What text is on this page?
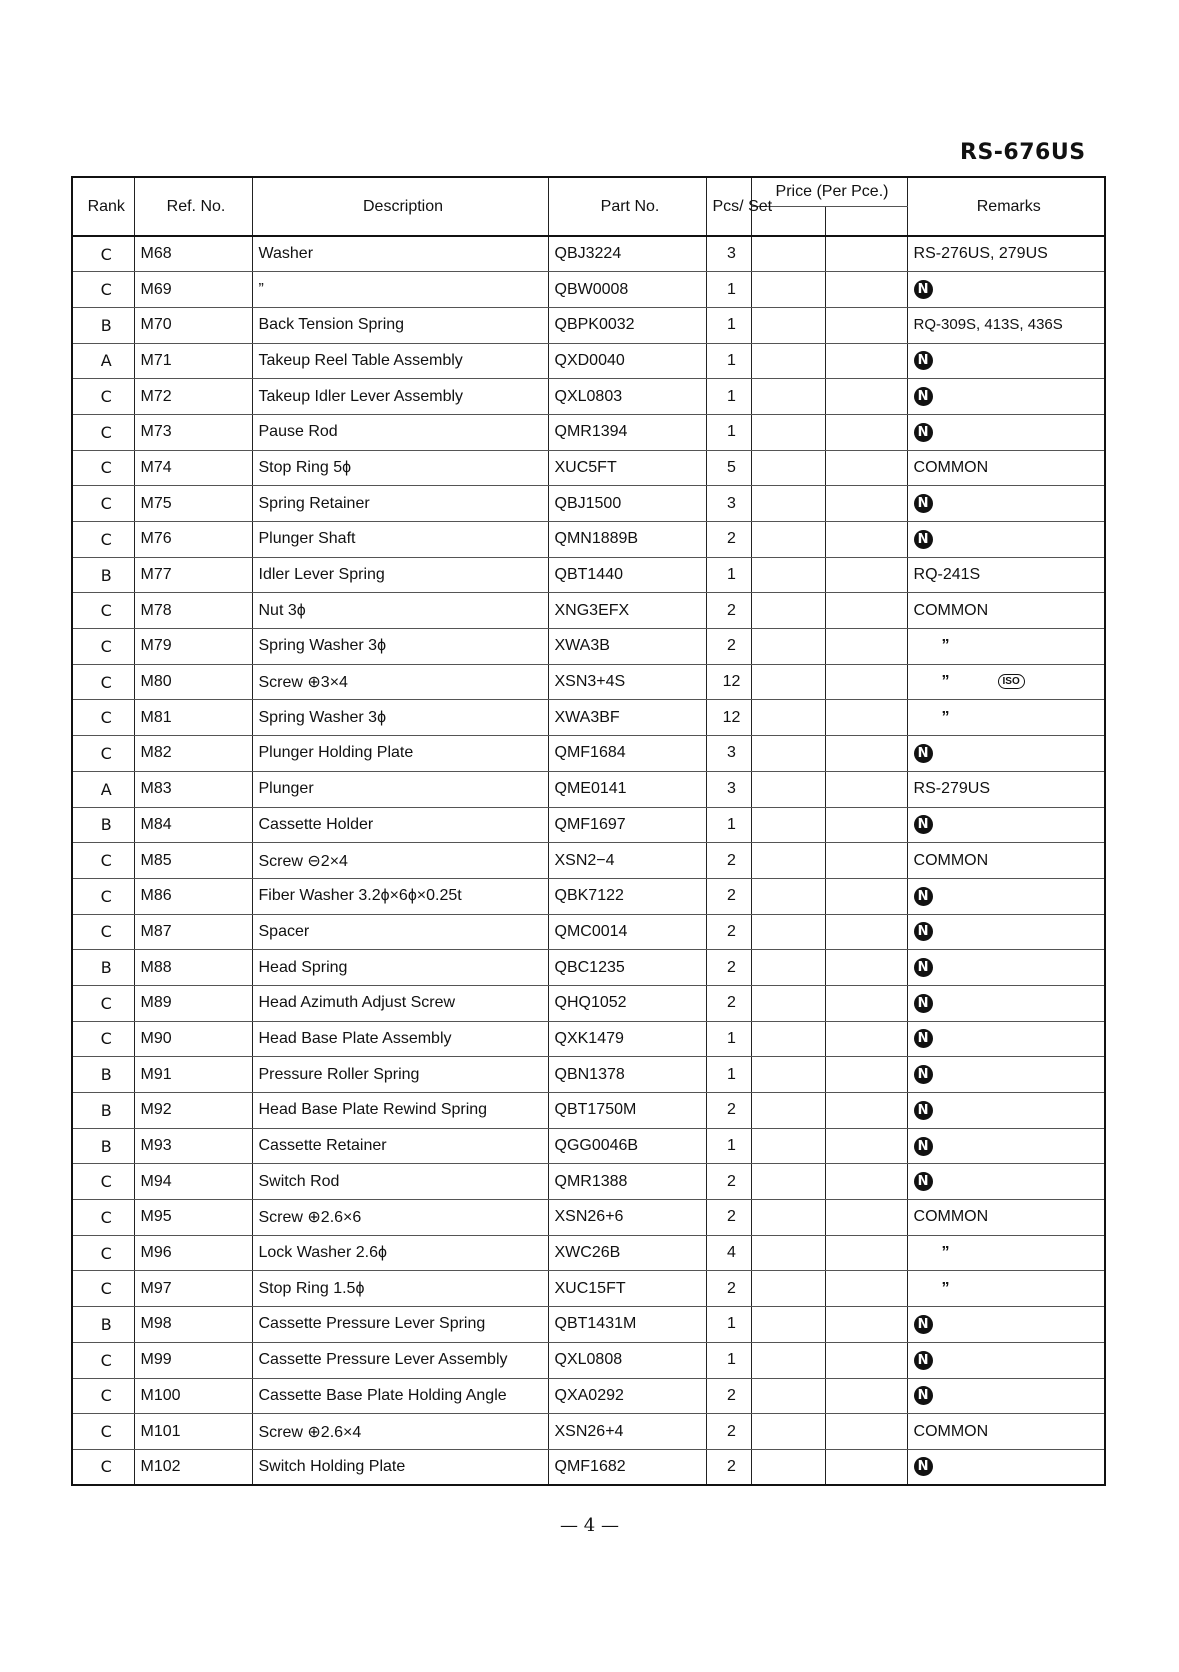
RS-676US
Rank	Ref. No.	Description	Part No.	Pcs/ Set	Price (Per Pce.)		Remarks

C	M68	Washer	QBJ3224	3			RS-276US, 279US
C	M69	”	QBW0008	1			N
B	M70	Back Tension Spring	QBPK0032	1			RQ-309S, 413S, 436S
A	M71	Takeup Reel Table Assembly	QXD0040	1			N
C	M72	Takeup Idler Lever Assembly	QXL0803	1			N
C	M73	Pause Rod	QMR1394	1			N
C	M74	Stop Ring 5ϕ	XUC5FT	5			COMMON
C	M75	Spring Retainer	QBJ1500	3			N
C	M76	Plunger Shaft	QMN1889B	2			N
B	M77	Idler Lever Spring	QBT1440	1			RQ-241S
C	M78	Nut 3ϕ	XNG3EFX	2			COMMON
C	M79	Spring Washer 3ϕ	XWA3B	2			”
C	M80	Screw ⊕3×4	XSN3+4S	12			” ISO
C	M81	Spring Washer 3ϕ	XWA3BF	12			”
C	M82	Plunger Holding Plate	QMF1684	3			N
A	M83	Plunger	QME0141	3			RS-279US
B	M84	Cassette Holder	QMF1697	1			N
C	M85	Screw ⊖2×4	XSN2−4	2			COMMON
C	M86	Fiber Washer 3.2ϕ×6ϕ×0.25t	QBK7122	2			N
C	M87	Spacer	QMC0014	2			N
B	M88	Head Spring	QBC1235	2			N
C	M89	Head Azimuth Adjust Screw	QHQ1052	2			N
C	M90	Head Base Plate Assembly	QXK1479	1			N
B	M91	Pressure Roller Spring	QBN1378	1			N
B	M92	Head Base Plate Rewind Spring	QBT1750M	2			N
B	M93	Cassette Retainer	QGG0046B	1			N
C	M94	Switch Rod	QMR1388	2			N
C	M95	Screw ⊕2.6×6	XSN26+6	2			COMMON
C	M96	Lock Washer 2.6ϕ	XWC26B	4			”
C	M97	Stop Ring 1.5ϕ	XUC15FT	2			”
B	M98	Cassette Pressure Lever Spring	QBT1431M	1			N
C	M99	Cassette Pressure Lever Assembly	QXL0808	1			N
C	M100	Cassette Base Plate Holding Angle	QXA0292	2			N
C	M101	Screw ⊕2.6×4	XSN26+4	2			COMMON
C	M102	Switch Holding Plate	QMF1682	2			N
— 4 —
